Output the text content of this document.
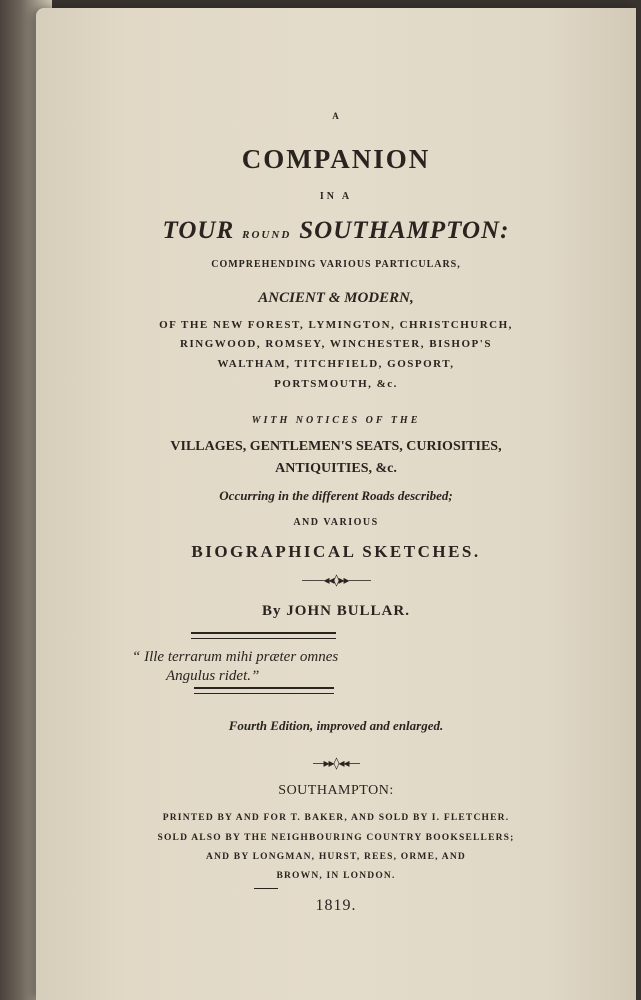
A
COMPANION
IN A
TOUR ROUND SOUTHAMPTON:
COMPREHENDING VARIOUS PARTICULARS,
ANCIENT & MODERN,
OF THE NEW FOREST, LYMINGTON, CHRISTCHURCH,
RINGWOOD, ROMSEY, WINCHESTER, BISHOP'S
WALTHAM, TITCHFIELD, GOSPORT,
PORTSMOUTH, &c.
WITH NOTICES OF THE
VILLAGES, GENTLEMEN'S SEATS, CURIOSITIES,
ANTIQUITIES, &c.
Occurring in the different Roads described;
AND VARIOUS
BIOGRAPHICAL SKETCHES.
——◂◂◊▸▸——
By JOHN BULLAR.
“ Ille terrarum mihi præter omnes
Angulus ridet.”
Fourth Edition, improved and enlarged.
—▸▸◊◂◂—
SOUTHAMPTON:
PRINTED BY AND FOR T. BAKER, AND SOLD BY I. FLETCHER.
SOLD ALSO BY THE NEIGHBOURING COUNTRY BOOKSELLERS;
AND BY LONGMAN, HURST, REES, ORME, AND
BROWN, IN LONDON.
1819.
